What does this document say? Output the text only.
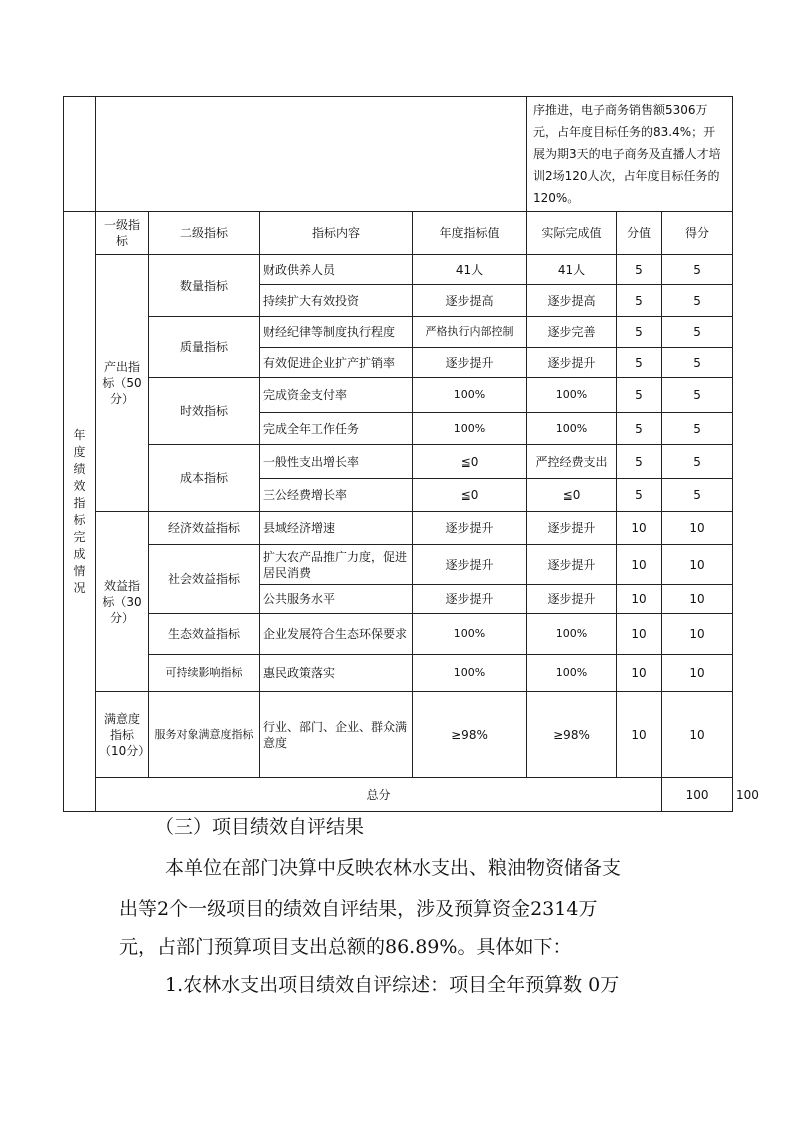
					序推进，电子商务销售额5306万元，占年度目标任务的83.4%；开展为期3天的电子商务及直播人才培训2场120人次，占年度目标任务的120%。			
年度绩效指标完成情况	一级指标	二级指标	指标内容	年度指标值	实际完成值	分值	得分	
	产出指标（50分）	数量指标	财政供养人员	41人	41人	5	5	
			持续扩大有效投资	逐步提高	逐步提高	5	5	
		质量指标	财经纪律等制度执行程度	严格执行内部控制	逐步完善	5	5	
			有效促进企业扩产扩销率	逐步提升	逐步提升	5	5	
		时效指标	完成资金支付率	100%	100%	5	5	
			完成全年工作任务	100%	100%	5	5	
		成本指标	一般性支出增长率	≦0	严控经费支出	5	5	
			三公经费增长率	≦0	≦0	5	5	
	效益指标（30分）	经济效益指标	县域经济增速	逐步提升	逐步提升	10	10	
		社会效益指标	扩大农产品推广力度，促进居民消费	逐步提升	逐步提升	10	10	
			公共服务水平	逐步提升	逐步提升	10	10	
		生态效益指标	企业发展符合生态环保要求	100%	100%	10	10	
		可持续影响指标	惠民政策落实	100%	100%	10	10	
	满意度指标（10分）	服务对象满意度指标	行业、部门、企业、群众满意度	≥98%	≥98%	10	10	
	总分						100	100
（三）项目绩效自评结果
本单位在部门决算中反映农林水支出、粮油物资储备支
出等2个一级项目的绩效自评结果，涉及预算资金2314万
元，占部门预算项目支出总额的86.89%。具体如下：
1.农林水支出项目绩效自评综述：项目全年预算数 0万
